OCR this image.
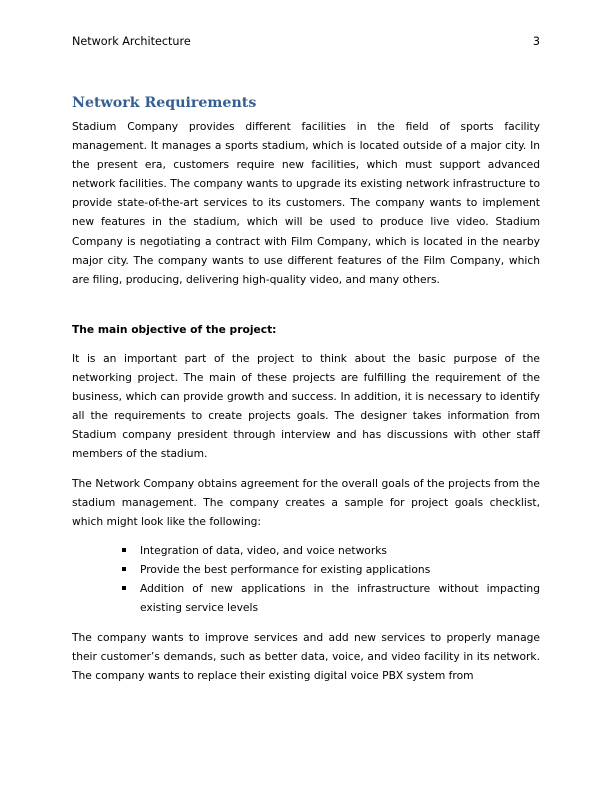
Network Architecture	3
Network Requirements

Stadium Company provides different facilities in the field of sports facility management. It manages a sports stadium, which is located outside of a major city. In the present era, customers require new facilities, which must support advanced network facilities. The company wants to upgrade its existing network infrastructure to provide state-of-the-art services to its customers. The company wants to implement new features in the stadium, which will be used to produce live video. Stadium Company is negotiating a contract with Film Company, which is located in the nearby major city. The company wants to use different features of the Film Company, which are filing, producing, delivering high-quality video, and many others.

The main objective of the project:

It is an important part of the project to think about the basic purpose of the networking project. The main of these projects are fulfilling the requirement of the business, which can provide growth and success. In addition, it is necessary to identify all the requirements to create projects goals. The designer takes information from Stadium company president through interview and has discussions with other staff members of the stadium.

The Network Company obtains agreement for the overall goals of the projects from the stadium management. The company creates a sample for project goals checklist, which might look like the following:

Integration of data, video, and voice networks
Provide the best performance for existing applications
Addition of new applications in the infrastructure without impacting existing service levels

The company wants to improve services and add new services to properly manage their customer’s demands, such as better data, voice, and video facility in its network. The company wants to replace their existing digital voice PBX system from
